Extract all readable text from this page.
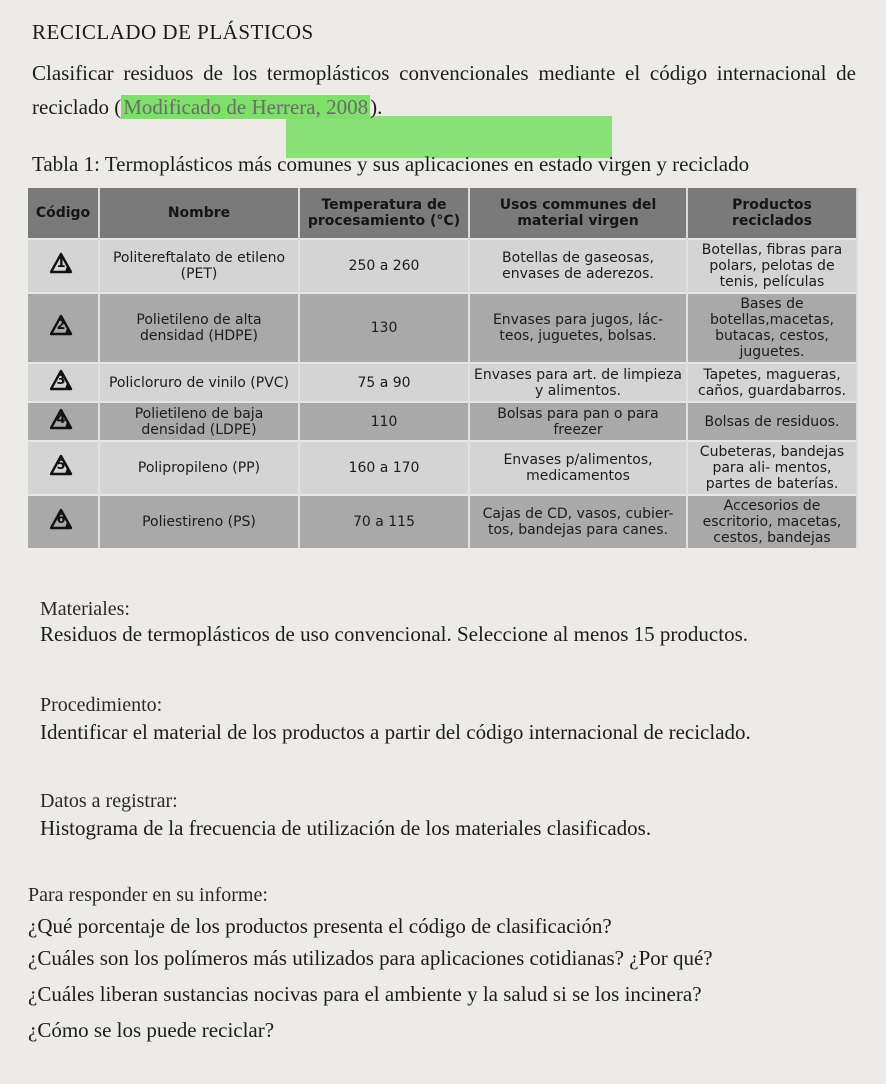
RECICLADO DE PLÁSTICOS
Clasificar residuos de los termoplásticos convencionales mediante el código internacional de reciclado (Modificado de Herrera, 2008).
Tabla 1: Termoplásticos más comunes y sus aplicaciones en estado virgen y reciclado
Código	Nombre	Temperatura de procesamiento (°C)	Usos communes del material virgen	Productos reciclados

1	Politereftalato de etileno (PET)	250 a 260	Botellas de gaseosas, envases de aderezos.	Botellas, fibras para polars, pelotas de tenis, películas

2	Polietileno de alta densidad (HDPE)	130	Envases para jugos, lác- teos, juguetes, bolsas.	Bases de botellas,macetas, butacas, cestos, juguetes.

3	Policloruro de vinilo (PVC)	75 a 90	Envases para art. de limpieza y alimentos.	Tapetes, magueras, caños, guardabarros.

4	Polietileno de baja densidad (LDPE)	110	Bolsas para pan o para freezer	Bolsas de residuos.

5	Polipropileno (PP)	160 a 170	Envases p/alimentos, medicamentos	Cubeteras, bandejas para ali- mentos, partes de baterías.

6	Poliestireno (PS)	70 a 115	Cajas de CD, vasos, cubier- tos, bandejas para canes.	Accesorios de escritorio, macetas, cestos, bandejas
Materiales:
Residuos de termoplásticos de uso convencional. Seleccione al menos 15 productos.
Procedimiento:
Identificar el material de los productos a partir del código internacional de reciclado.
Datos a registrar:
Histograma de la frecuencia de utilización de los materiales clasificados.
Para responder en su informe:
¿Qué porcentaje de los productos presenta el código de clasificación?
¿Cuáles son los polímeros más utilizados para aplicaciones cotidianas? ¿Por qué?
¿Cuáles liberan sustancias nocivas para el ambiente y la salud si se los incinera?
¿Cómo se los puede reciclar?
